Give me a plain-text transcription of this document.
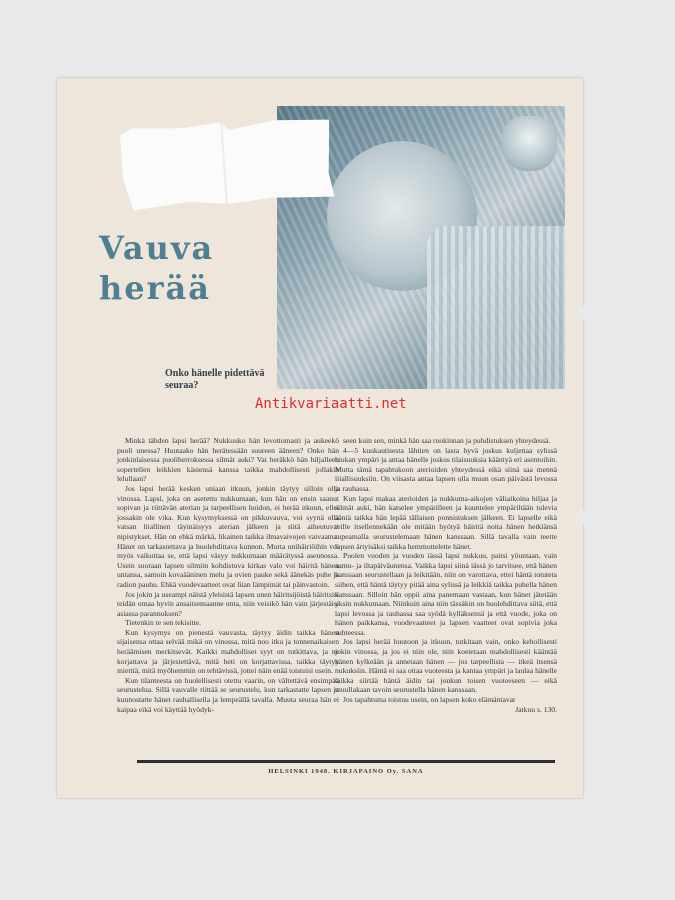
Vauva
herää
Onko hänelle pidettävä seuraa?
Antikvariaatti.net

Minkä tähden lapsi herää? Nukkuuko hän levottomasti ja aukeekö puoli unessa? Huutaako hän herätessään suureen ääneen? Onko hän jonkinlaisessa puoliherroksessa silmät auki? Vai heräkkö hän hiljalleen sopertellen leikkien käsiensä kanssa taikka mahdollisesti jollakin lelullaan?

Jos lapsi herää kesken uniaan itkuun, jonkin täytyy silloin olla vinossa. Lapsi, joka on asetettu nukkumaan, kun hän on ensin saanut sopivan ja riittävän aterian ja tarpeellisen hoidon, ei herää itkuun, ellei jossakin ole vika. Kun kysymyksessä on pikkuvauva, voi syynä olla vatsan liiallinen täyinäisyys aterian jälkeen ja siitä aiheutuvat nipistykset. Hän on ehkä märkä, likainen taikka ilmavaivojen vaivaama. Hänet on tarkastettava ja huolehdittava kunnon. Murta unihäiriöihin voi myös vaikuttaa se, että lapsi väsyy nukkumaan määrätyssä asennossa. Usein suoraan lapsen silmiin kohdistuva kirkas valo voi häiritä hänen untansa, samoin kovaääninen melu ja ovien pauke sekä äänekäs puhe ja radion pauhu. Ehkä vuodevaatteet ovat liian lämpimät tai päinvastoin.

Jos jokin ja useampi näistä yleisistä lapsen unen häiritsijöistä häiritsisi teidän omaa hyvin ansaitsemaanne unta, niin veisikö hän vain järjestäisi asiassa parannuksen?

Tietenkin te sen tekisitte.

Kun kysymys on pienestä vauvasta, täytyy äidin taikka hänen sijaisensa ottaa selvää mikä on vinossa, mitä noo itku ja tonnenaikaisen heräämisen merkitsevät. Kaikki mahdolliset syyt on tutkittava, ja ne korjattava ja järjestettävä, mitä heti on korjattavissa, taikka täytyy miettiä, mitä myöhemmin on tehtävissä, jottei näin enää toistuisi usein.

Kun tilanteesta on huolellisesti otettu vaarin, on vältettävä ensimpää seurustelua. Sillä vauvalle riittää se seurustelu, kun tarkastatte lapsen ja kunnostatte hänet rauhallisella ja lempeällä tavalla. Muuta seuraa hän ei kaipaa eikä voi käyttää hyödyk-

seen kuin sen, minkä hän saa ruokinnan ja puhdistuksen yhteydessä.

4—5 kuukautisesta lähtien on lasta hyvä joskus kuljettaa sylissä hiukan ympäri ja antaa hänelle joskus tilaisuuksia kääntyä eri asentoihin. Mutta tämä tapahtukoon aterioiden yhteydessä eikä siinä saa mennä liiallisuuksiin. On viisasta antaa lapsen olla muun osan päivästä levossa ja rauhassa.

Kun lapsi makaa aterioiden ja nukkuma-aikojen väliaikoina hiljaa ja silmät auki, hän katselee ympärilleen ja kuuntelee ympäriltään tulevia ääniä taikka hän lepää tällaisen ponnistuksen jälkeen. Ei lapselle eikä teille itsellennekään ole mitään hyötyä häiritä noita hänen hetkiänsä rupeamalla seurustelemaan hänen kanssaan. Sillä tavalla vain teette lapsen ärtyisäksi taikka hemmottelette hänet.

Puolen vuoden ja vuoden iässä lapsi nukkuu, paitsi yöuntaan, vain aamu- ja iltapäiväunensa. Vaikka lapsi siinä iässä jo tarvitsee, että hänen kanssaan seurustellaan ja leikitään, niin on varottava, ettei häntä totuteta siihen, että häntä täytyy pitää aina sylissä ja leikkiä taikka puhella hänen kanssaan. Silloin hän oppii aina panemaan vastaan, kun hänet jätetään yksin nukkumaan. Niinkuin aina niin tässäkin on huolehdittava siitä, että lapsi levossa ja rauhassa saa syödä kylläksensä ja että vuode, joka on hänen paikkansa, vuodevaatteet ja lapsen vaatteet ovat sopivia joka suhteessa.

Jos lapsi herää huutoon ja itkuun, tutkitaan vain, onko kehollisesti jokin vinossa, ja jos ei niin ole, niin koetetaan mahdollisesti kääntää hänen kylkeään ja annetaan hänen — jos tarpeellista — itkeä itsensä nukuksiin. Häntä ei saa ottaa vuoteesta ja kantaa ympäri ja laulaa hänelle taikka siirtää häntä äidin tai jonkun toisen vuoteeseen — eikä muullakaan tavoin seurustella hänen kanssaan.

Jos tapahtuma toistuu usein, on lapsen koko elämäntavat

Jatkuu s. 130.

HELSINKI 1948. KIRJAPAINO Oy. SANA
